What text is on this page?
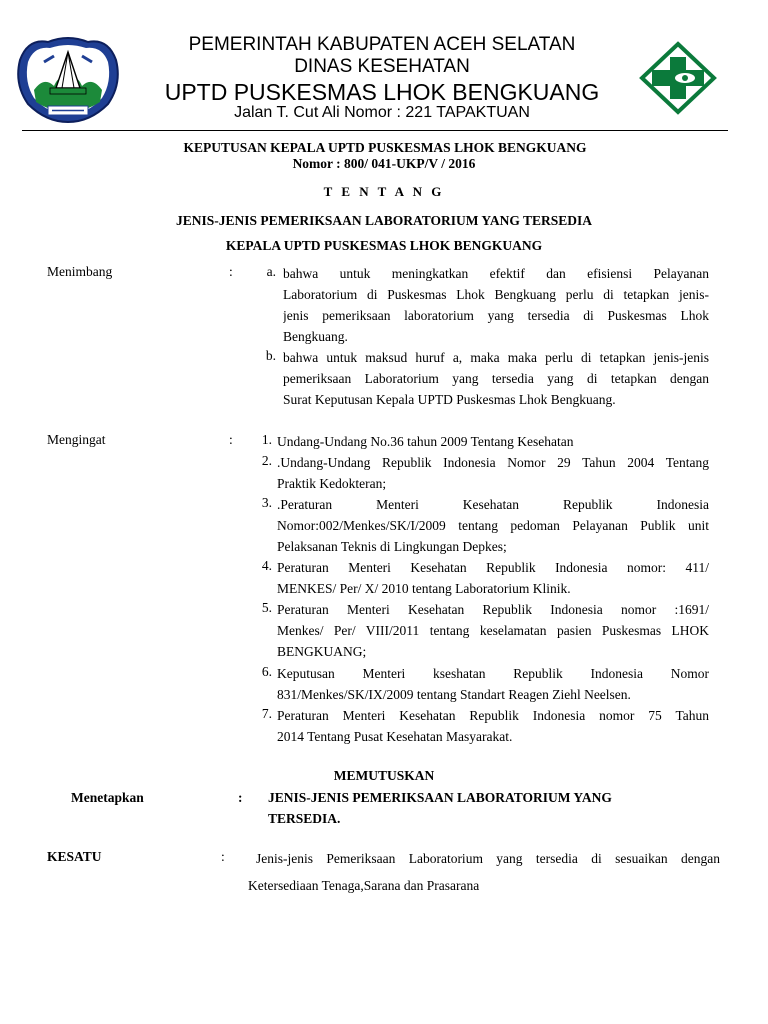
PEMERINTAH KABUPATEN ACEH SELATAN
DINAS KESEHATAN
UPTD PUSKESMAS LHOK BENGKUANG
Jalan T. Cut Ali Nomor : 221 TAPAKTUAN
KEPUTUSAN KEPALA UPTD PUSKESMAS LHOK BENGKUANG
Nomor : 800/ 041-UKP/V / 2016
T E N T A N G
JENIS-JENIS PEMERIKSAAN LABORATORIUM YANG TERSEDIA
KEPALA UPTD PUSKESMAS LHOK BENGKUANG
Menimbang	:	a. bahwa untuk meningkatkan efektif dan efisiensi Pelayanan
Laboratorium di Puskesmas Lhok Bengkuang perlu di tetapkan jenis-
jenis pemeriksaan laboratorium yang tersedia di Puskesmas Lhok
Bengkuang.
b. bahwa untuk maksud huruf a, maka maka perlu di tetapkan jenis-jenis
pemeriksaan Laboratorium yang tersedia yang di tetapkan dengan
Surat Keputusan Kepala UPTD Puskesmas Lhok Bengkuang.
Mengingat	:	1. Undang-Undang No.36 tahun 2009 Tentang Kesehatan
2. .Undang-Undang Republik Indonesia Nomor 29 Tahun 2004 Tentang
Praktik Kedokteran;
3. .Peraturan Menteri Kesehatan Republik Indonesia
Nomor:002/Menkes/SK/I/2009 tentang pedoman Pelayanan Publik unit
Pelaksanan Teknis di Lingkungan Depkes;
4. Peraturan Menteri Kesehatan Republik Indonesia nomor: 411/
MENKES/ Per/ X/ 2010 tentang Laboratorium Klinik.
5. Peraturan Menteri Kesehatan Republik Indonesia nomor :1691/
Menkes/ Per/ VIII/2011 tentang keselamatan pasien Puskesmas LHOK
BENGKUANG;
6. Keputusan Menteri kseshatan Republik Indonesia Nomor
831/Menkes/SK/IX/2009 tentang Standart Reagen Ziehl Neelsen.
7. Peraturan Menteri Kesehatan Republik Indonesia nomor 75 Tahun
2014 Tentang Pusat Kesehatan Masyarakat.
MEMUTUSKAN
Menetapkan	: JENIS-JENIS PEMERIKSAAN LABORATORIUM YANG
TERSEDIA.
KESATU	: Jenis-jenis Pemeriksaan Laboratorium yang tersedia di sesuaikan dengan
Ketersediaan Tenaga,Sarana dan Prasarana
